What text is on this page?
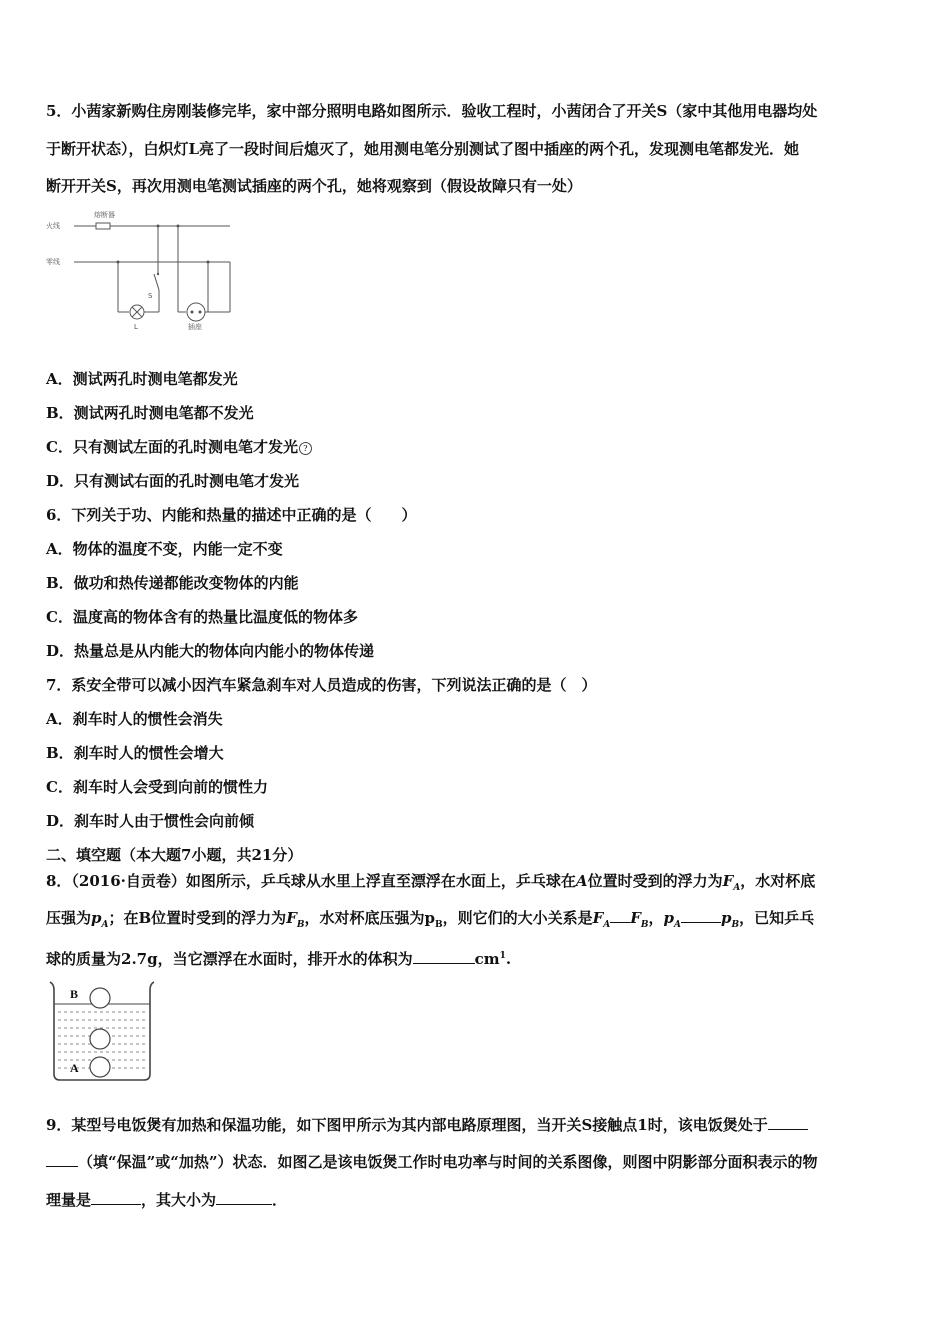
5．小茜家新购住房刚装修完毕，家中部分照明电路如图所示．验收工程时，小茜闭合了开关S（家中其他用电器均处
于断开状态），白炽灯L亮了一段时间后熄灭了，她用测电笔分别测试了图中插座的两个孔，发现测电笔都发光．她
断开开关S，再次用测电笔测试插座的两个孔，她将观察到（假设故障只有一处）
火线
零线
熔断器
S
L	插座
A．测试两孔时测电笔都发光
B．测试两孔时测电笔都不发光
C．只有测试左面的孔时测电笔才发光 ?
D．只有测试右面的孔时测电笔才发光
6．下列关于功、内能和热量的描述中正确的是（　　）
A．物体的温度不变，内能一定不变
B．做功和热传递都能改变物体的内能
C．温度高的物体含有的热量比温度低的物体多
D．热量总是从内能大的物体向内能小的物体传递
7．系安全带可以减小因汽车紧急刹车对人员造成的伤害，下列说法正确的是（　）
A．刹车时人的惯性会消失
B．刹车时人的惯性会增大
C．刹车时人会受到向前的惯性力
D．刹车时人由于惯性会向前倾
二、填空题（本大题7小题，共21分）
8．（2016·自贡卷）如图所示，乒乓球从水里上浮直至漂浮在水面上，乒乓球在A位置时受到的浮力为$F_A$，水对杯底
压强为$p_A$；在B位置时受到的浮力为$F_B$，水对杯底压强为$p_B$，则它们的大小关系是$F_A$ $F_B$，$p_A$	$p_B$，已知乒乓
球的质量为2.7g，当它漂浮在水面时，排开水的体积为	$cm^1$.
B
A
9．某型号电饭煲有加热和保温功能，如下图甲所示为其内部电路原理图，当开关S接触点1时，该电饭煲处于
（填“保温”或“加热”）状态．如图乙是该电饭煲工作时电功率与时间的关系图像，则图中阴影部分面积表示的物
理量是	，其大小为	．
